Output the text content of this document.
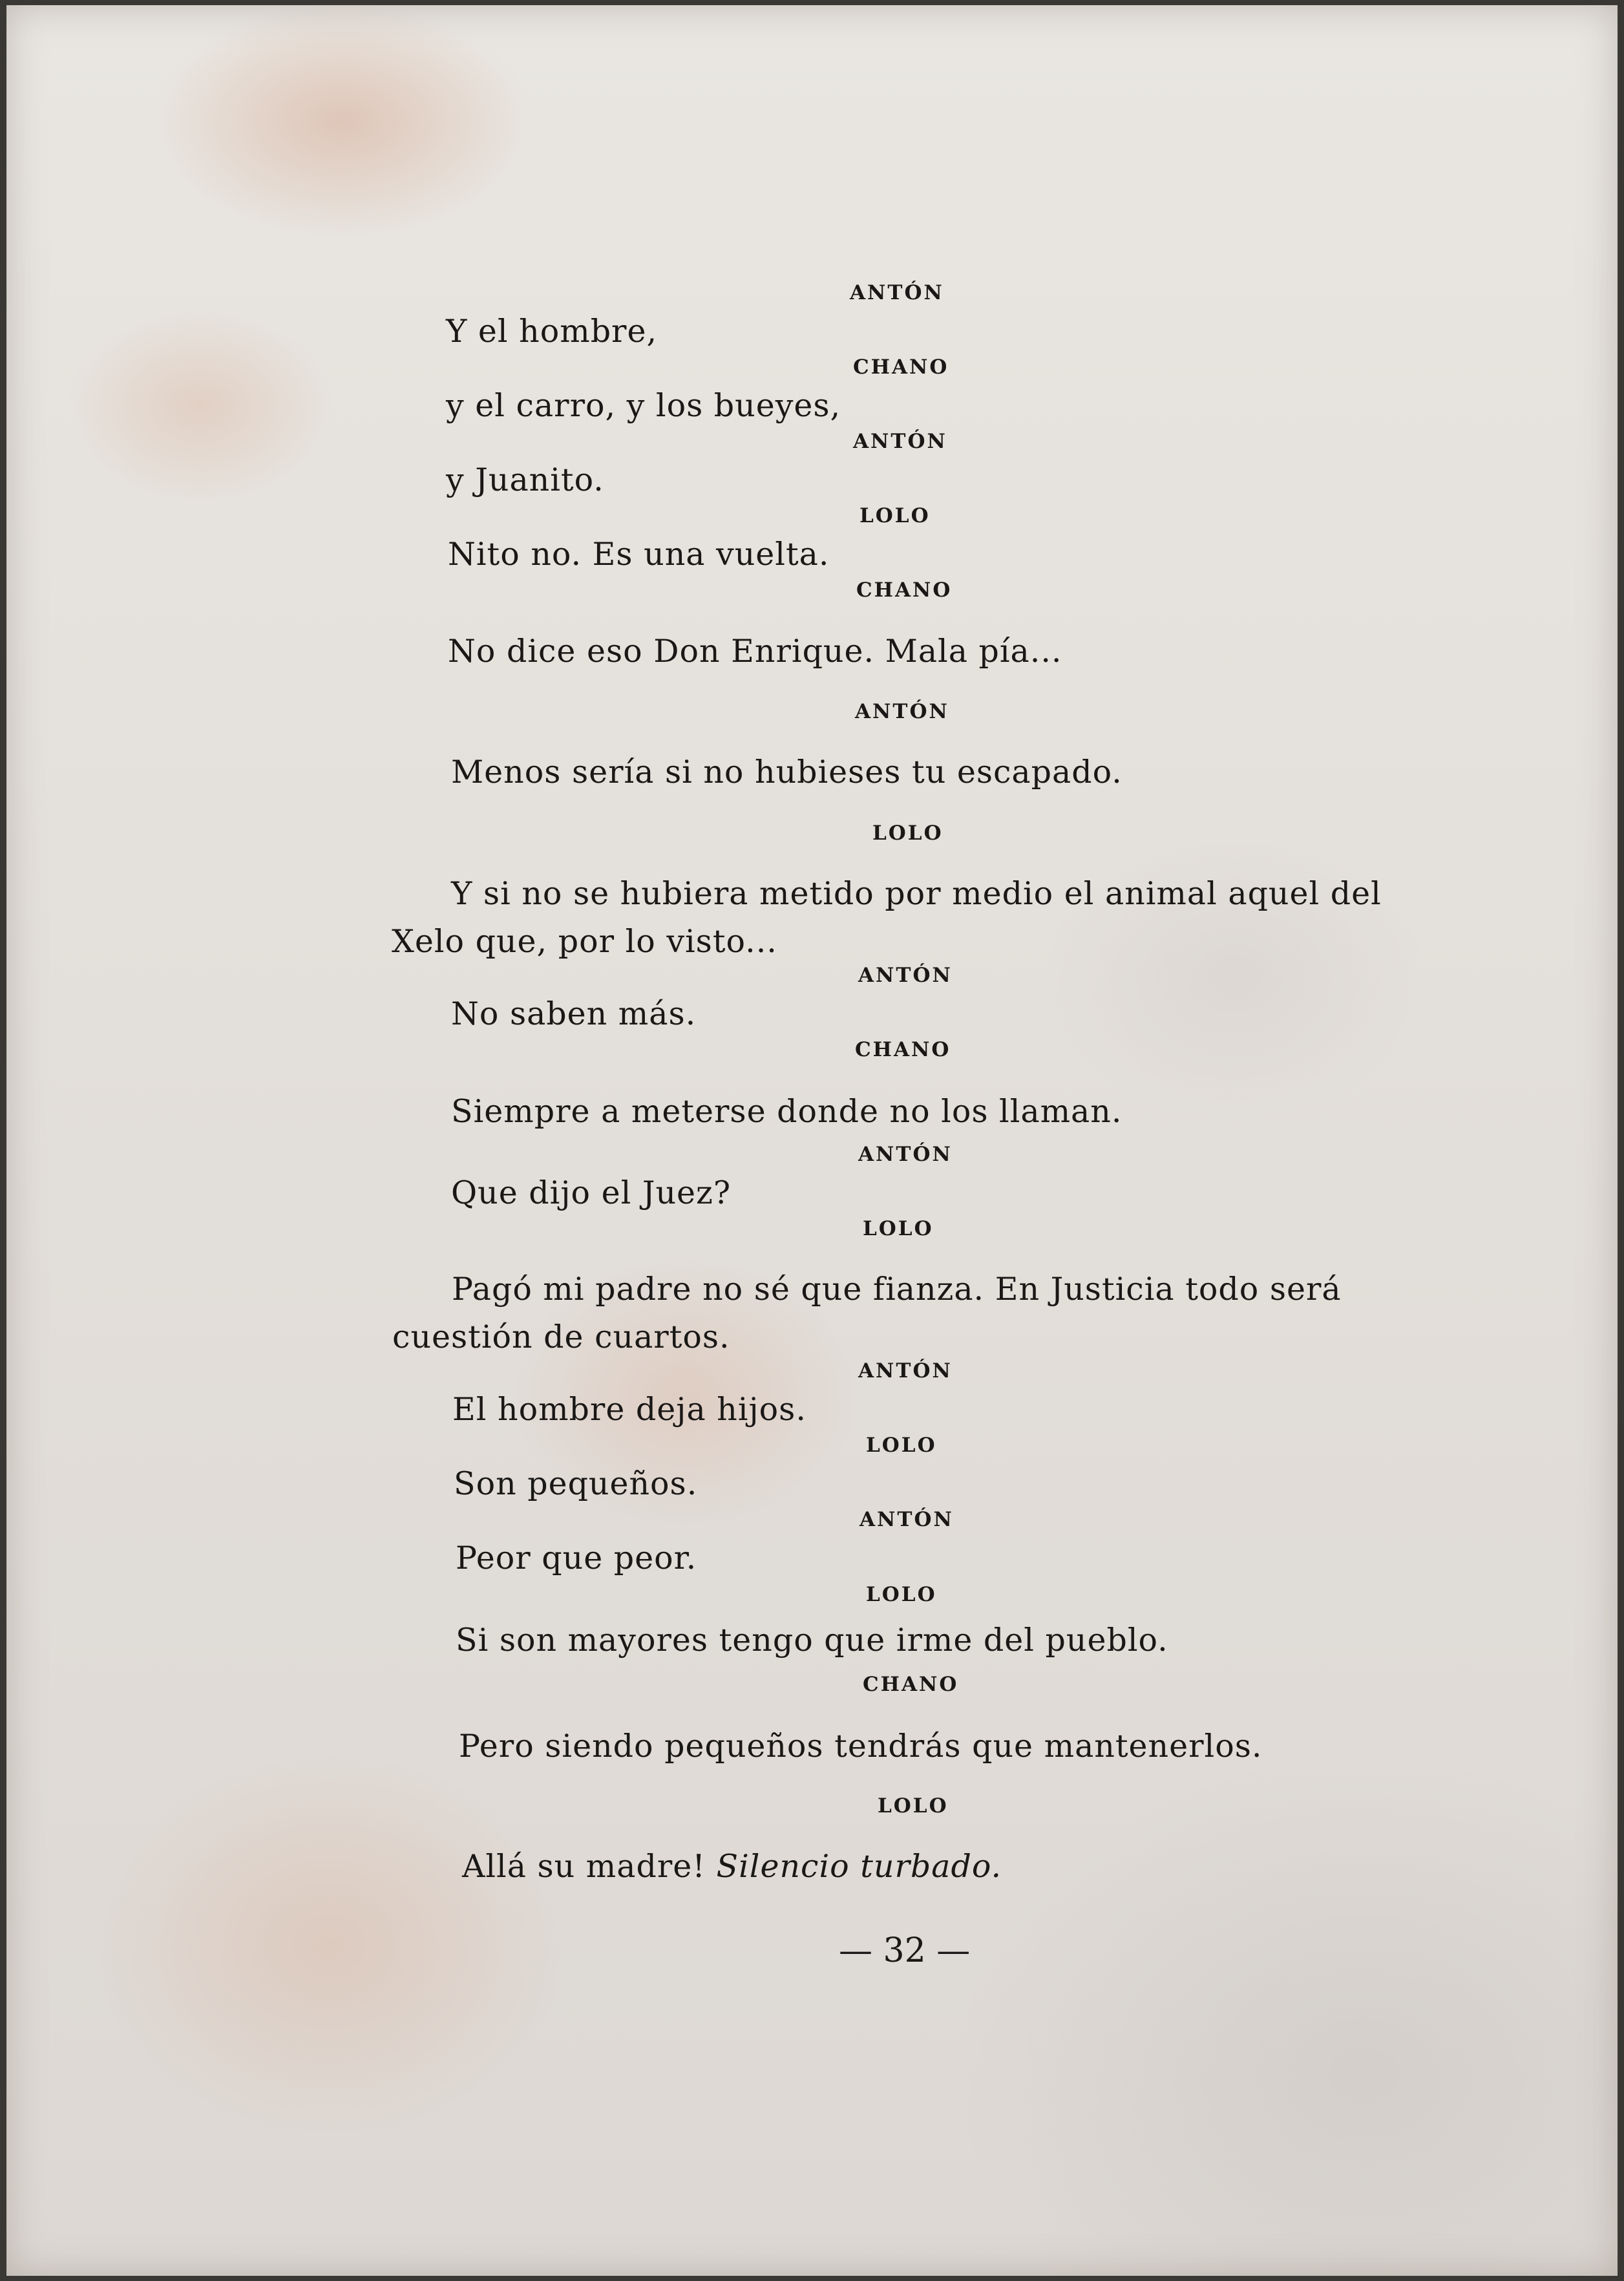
ANTÓN
Y el hombre,
CHANO
y el carro, y los bueyes,
ANTÓN
y Juanito.
LOLO
Nito no. Es una vuelta.
CHANO
No dice eso Don Enrique. Mala pía...
ANTÓN
Menos sería si no hubieses tu escapado.
LOLO
Y si no se hubiera metido por medio el animal aquel del Xelo que, por lo visto...
ANTÓN
No saben más.
CHANO
Siempre a meterse donde no los llaman.
ANTÓN
Que dijo el Juez?
LOLO
Pagó mi padre no sé que fianza. En Justicia todo será cuestión de cuartos.
ANTÓN
El hombre deja hijos.
LOLO
Son pequeños.
ANTÓN
Peor que peor.
LOLO
Si son mayores tengo que irme del pueblo.
CHANO
Pero siendo pequeños tendrás que mantenerlos.
LOLO
Allá su madre! Silencio turbado.
— 32 —
